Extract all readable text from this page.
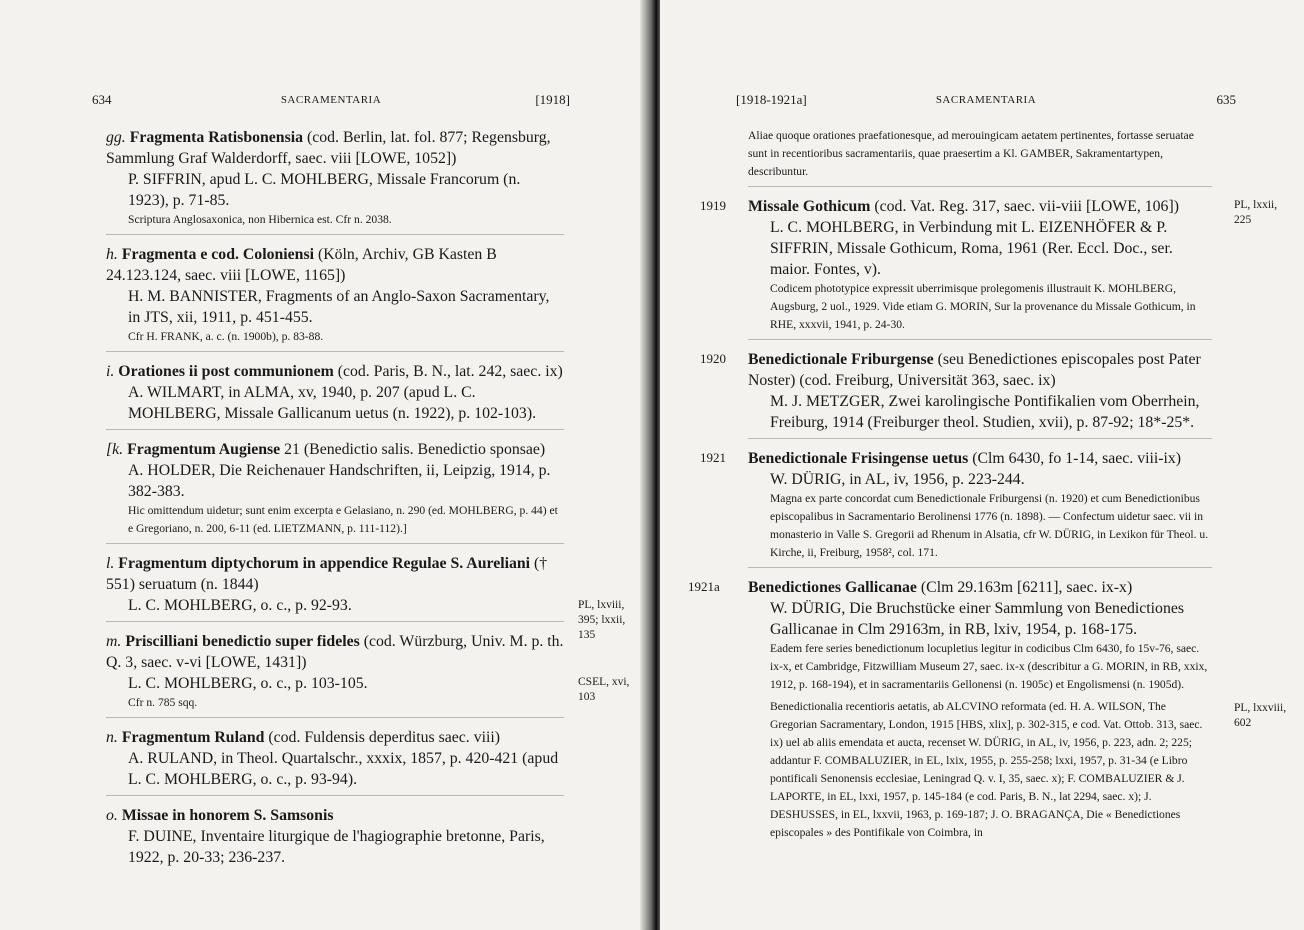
634	SACRAMENTARIA	[1918]
gg. Fragmenta Ratisbonensia (cod. Berlin, lat. fol. 877; Regensburg, Sammlung Graf Walderdorff, saec. viii [LOWE, 1052])
P. SIFFRIN, apud L. C. MOHLBERG, Missale Francorum (n. 1923), p. 71-85.
Scriptura Anglosaxonica, non Hibernica est. Cfr n. 2038.
h. Fragmenta e cod. Coloniensi (Köln, Archiv, GB Kasten B 24.123.124, saec. viii [LOWE, 1165])
H. M. BANNISTER, Fragments of an Anglo-Saxon Sacramentary, in JTS, xii, 1911, p. 451-455.
Cfr H. FRANK, a. c. (n. 1900b), p. 83-88.
i. Orationes ii post communionem (cod. Paris, B. N., lat. 242, saec. ix)
A. WILMART, in ALMA, xv, 1940, p. 207 (apud L. C. MOHLBERG, Missale Gallicanum uetus (n. 1922), p. 102-103).
[k. Fragmentum Augiense 21 (Benedictio salis. Benedictio sponsae)
A. HOLDER, Die Reichenauer Handschriften, ii, Leipzig, 1914, p. 382-383.
Hic omittendum uidetur; sunt enim excerpta e Gelasiano, n. 290 (ed. MOHLBERG, p. 44) et e Gregoriano, n. 200, 6-11 (ed. LIETZMANN, p. 111-112).]
l. Fragmentum diptychorum in appendice Regulae S. Aureliani († 551) seruatum (n. 1844)
L. C. MOHLBERG, o. c., p. 92-93.
m. Priscilliani benedictio super fideles (cod. Würzburg, Univ. M. p. th. Q. 3, saec. v-vi [LOWE, 1431])
L. C. MOHLBERG, o. c., p. 103-105.
Cfr n. 785 sqq.
n. Fragmentum Ruland (cod. Fuldensis deperditus saec. viii)
A. RULAND, in Theol. Quartalschr., xxxix, 1857, p. 420-421 (apud L. C. MOHLBERG, o. c., p. 93-94).
o. Missae in honorem S. Samsonis
F. DUINE, Inventaire liturgique de l'hagiographie bretonne, Paris, 1922, p. 20-33; 236-237.
PL, lxviii, 395; lxxii, 135
CSEL, xvi, 103
[1918-1921a]	SACRAMENTARIA	635
Aliae quoque orationes praefationesque, ad merouingicam aetatem pertinentes, fortasse seruatae sunt in recentioribus sacramentariis, quae praesertim a Kl. GAMBER, Sakramentartypen, describuntur.
1919 Missale Gothicum (cod. Vat. Reg. 317, saec. vii-viii [LOWE, 106])
L. C. MOHLBERG, in Verbindung mit L. EIZENHÖFER & P. SIFFRIN, Missale Gothicum, Roma, 1961 (Rer. Eccl. Doc., ser. maior. Fontes, v).
Codicem phototypice expressit uberrimisque prolegomenis illustrauit K. MOHLBERG, Augsburg, 2 uol., 1929. Vide etiam G. MORIN, Sur la provenance du Missale Gothicum, in RHE, xxxvii, 1941, p. 24-30.
PL, lxxii, 225
1920 Benedictionale Friburgense (seu Benedictiones episcopales post Pater Noster) (cod. Freiburg, Universität 363, saec. ix)
M. J. METZGER, Zwei karolingische Pontifikalien vom Oberrhein, Freiburg, 1914 (Freiburger theol. Studien, xvii), p. 87-92; 18*-25*.
1921 Benedictionale Frisingense uetus (Clm 6430, fo 1-14, saec. viii-ix)
W. DÜRIG, in AL, iv, 1956, p. 223-244.
Magna ex parte concordat cum Benedictionale Friburgensi (n. 1920) et cum Benedictionibus episcopalibus in Sacramentario Berolinensi 1776 (n. 1898). — Confectum uidetur saec. vii in monasterio in Valle S. Gregorii ad Rhenum in Alsatia, cfr W. DÜRIG, in Lexikon für Theol. u. Kirche, ii, Freiburg, 1958², col. 171.
1921a Benedictiones Gallicanae (Clm 29.163m [6211], saec. ix-x)
W. DÜRIG, Die Bruchstücke einer Sammlung von Benedictiones Gallicanae in Clm 29163m, in RB, lxiv, 1954, p. 168-175.
Eadem fere series benedictionum locupletius legitur in codicibus Clm 6430, fo 15v-76, saec. ix-x, et Cambridge, Fitzwilliam Museum 27, saec. ix-x (describitur a G. MORIN, in RB, xxix, 1912, p. 168-194), et in sacramentariis Gellonensi (n. 1905c) et Engolismensi (n. 1905d).
Benedictionalia recentioris aetatis, ab ALCVINO reformata (ed. H. A. WILSON, The Gregorian Sacramentary, London, 1915 [HBS, xlix], p. 302-315, e cod. Vat. Ottob. 313, saec. ix) uel ab aliis emendata et aucta, recenset W. DÜRIG, in AL, iv, 1956, p. 223, adn. 2; 225; addantur F. COMBALUZIER, in EL, lxix, 1955, p. 255-258; lxxi, 1957, p. 31-34 (e Libro pontificali Senonensis ecclesiae, Leningrad Q. v. I, 35, saec. x); F. COMBALUZIER & J. LAPORTE, in EL, lxxi, 1957, p. 145-184 (e cod. Paris, B. N., lat 2294, saec. x); J. DESHUSSES, in EL, lxxvii, 1963, p. 169-187; J. O. BRAGANÇA, Die « Benedictiones episcopales » des Pontifikale von Coimbra, in
PL, lxxviii, 602
